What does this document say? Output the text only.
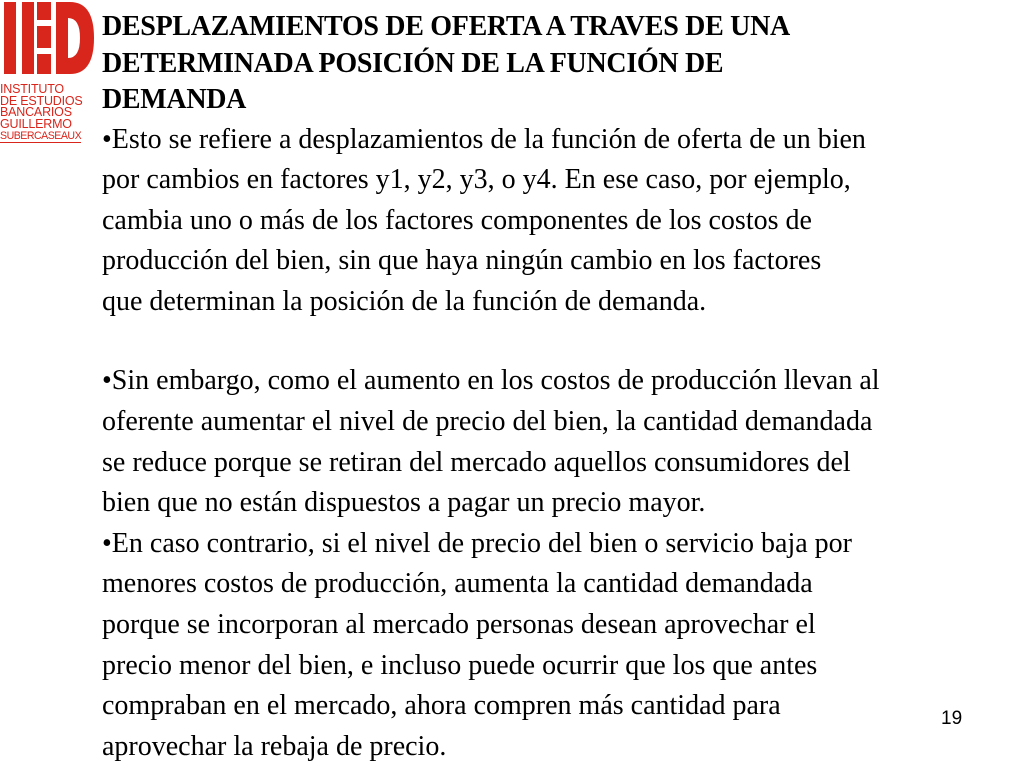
INSTITUTO
DE ESTUDIOS
BANCARIOS
GUILLERMO
SUBERCASEAUX
DESPLAZAMIENTOS DE OFERTA A TRAVES DE UNA
DETERMINADA POSICIÓN DE LA FUNCIÓN DE
DEMANDA

•Esto se refiere a desplazamientos de la función de oferta de un bien
por cambios en factores y1, y2, y3, o y4. En ese caso, por ejemplo,
cambia uno o más de los factores componentes de los costos de
producción del bien, sin que haya ningún cambio en los factores
que determinan la posición de la función de demanda.

•Sin embargo, como el aumento en los costos de producción llevan al
oferente aumentar el nivel de precio del bien, la cantidad demandada
se reduce porque se retiran del mercado aquellos consumidores del
bien que no están dispuestos a pagar un precio mayor.

•En caso contrario, si el nivel de precio del bien o servicio baja por
menores costos de producción, aumenta la cantidad demandada
porque se incorporan al mercado personas desean aprovechar el
precio menor del bien, e incluso puede ocurrir que los que antes
compraban en el mercado, ahora compren más cantidad para
aprovechar la rebaja de precio.

19
